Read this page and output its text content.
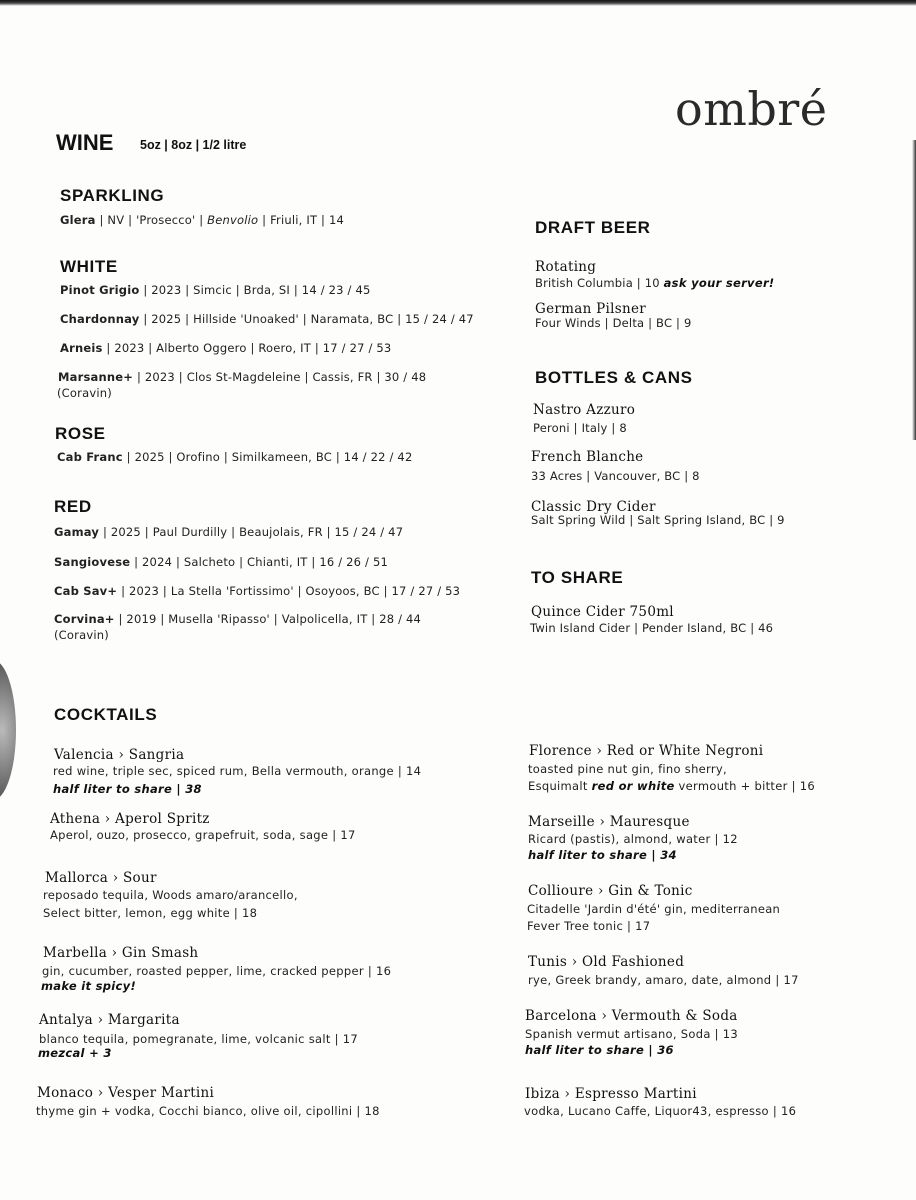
ombré
WINE 5oz | 8oz | 1/2 litre
SPARKLING
Glera | NV | 'Prosecco' | Benvolio | Friuli, IT | 14
WHITE
Pinot Grigio | 2023 | Simcic | Brda, SI | 14 / 23 / 45
Chardonnay | 2025 | Hillside 'Unoaked' | Naramata, BC | 15 / 24 / 47
Arneis | 2023 | Alberto Oggero | Roero, IT | 17 / 27 / 53
Marsanne+ | 2023 | Clos St-Magdeleine | Cassis, FR | 30 / 48
(Coravin)
ROSE
Cab Franc | 2025 | Orofino | Similkameen, BC | 14 / 22 / 42
RED
Gamay | 2025 | Paul Durdilly | Beaujolais, FR | 15 / 24 / 47
Sangiovese | 2024 | Salcheto | Chianti, IT | 16 / 26 / 51
Cab Sav+ | 2023 | La Stella 'Fortissimo' | Osoyoos, BC | 17 / 27 / 53
Corvina+ | 2019 | Musella 'Ripasso' | Valpolicella, IT | 28 / 44
(Coravin)
DRAFT BEER
Rotating
British Columbia | 10 ask your server!
German Pilsner
Four Winds | Delta | BC | 9
BOTTLES & CANS
Nastro Azzuro
Peroni | Italy | 8
French Blanche
33 Acres | Vancouver, BC | 8
Classic Dry Cider
Salt Spring Wild | Salt Spring Island, BC | 9
TO SHARE
Quince Cider 750ml
Twin Island Cider | Pender Island, BC | 46
COCKTAILS
Valencia › Sangria
red wine, triple sec, spiced rum, Bella vermouth, orange | 14
half liter to share | 38
Athena › Aperol Spritz
Aperol, ouzo, prosecco, grapefruit, soda, sage | 17
Mallorca › Sour
reposado tequila, Woods amaro/arancello,
Select bitter, lemon, egg white | 18
Marbella › Gin Smash
gin, cucumber, roasted pepper, lime, cracked pepper | 16
make it spicy!
Antalya › Margarita
blanco tequila, pomegranate, lime, volcanic salt | 17
mezcal + 3
Monaco › Vesper Martini
thyme gin + vodka, Cocchi bianco, olive oil, cipollini | 18
Florence › Red or White Negroni
toasted pine nut gin, fino sherry,
Esquimalt red or white vermouth + bitter | 16
Marseille › Mauresque
Ricard (pastis), almond, water | 12
half liter to share | 34
Collioure › Gin & Tonic
Citadelle 'Jardin d'été' gin, mediterranean
Fever Tree tonic | 17
Tunis › Old Fashioned
rye, Greek brandy, amaro, date, almond | 17
Barcelona › Vermouth & Soda
Spanish vermut artisano, Soda | 13
half liter to share | 36
Ibiza › Espresso Martini
vodka, Lucano Caffe, Liquor43, espresso | 16
